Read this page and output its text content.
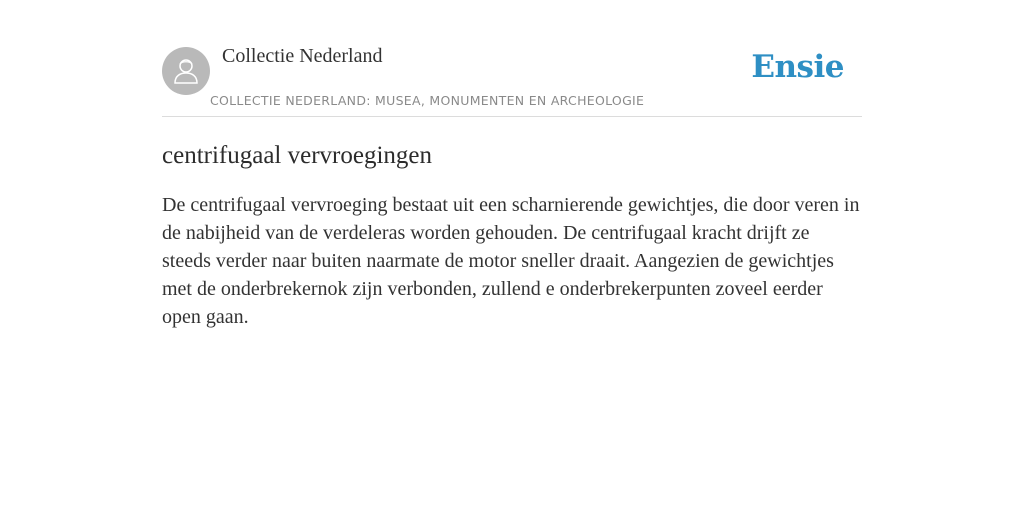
Collectie Nederland
COLLECTIE NEDERLAND: MUSEA, MONUMENTEN EN ARCHEOLOGIE
Ensie
centrifugaal vervroegingen

De centrifugaal vervroeging bestaat uit een scharnierende gewichtjes, die door veren in de nabijheid van de verdeleras worden gehouden. De centrifugaal kracht drijft ze steeds verder naar buiten naarmate de motor sneller draait. Aangezien de gewichtjes met de onderbrekernok zijn verbonden, zullend e onderbrekerpunten zoveel eerder open gaan.
